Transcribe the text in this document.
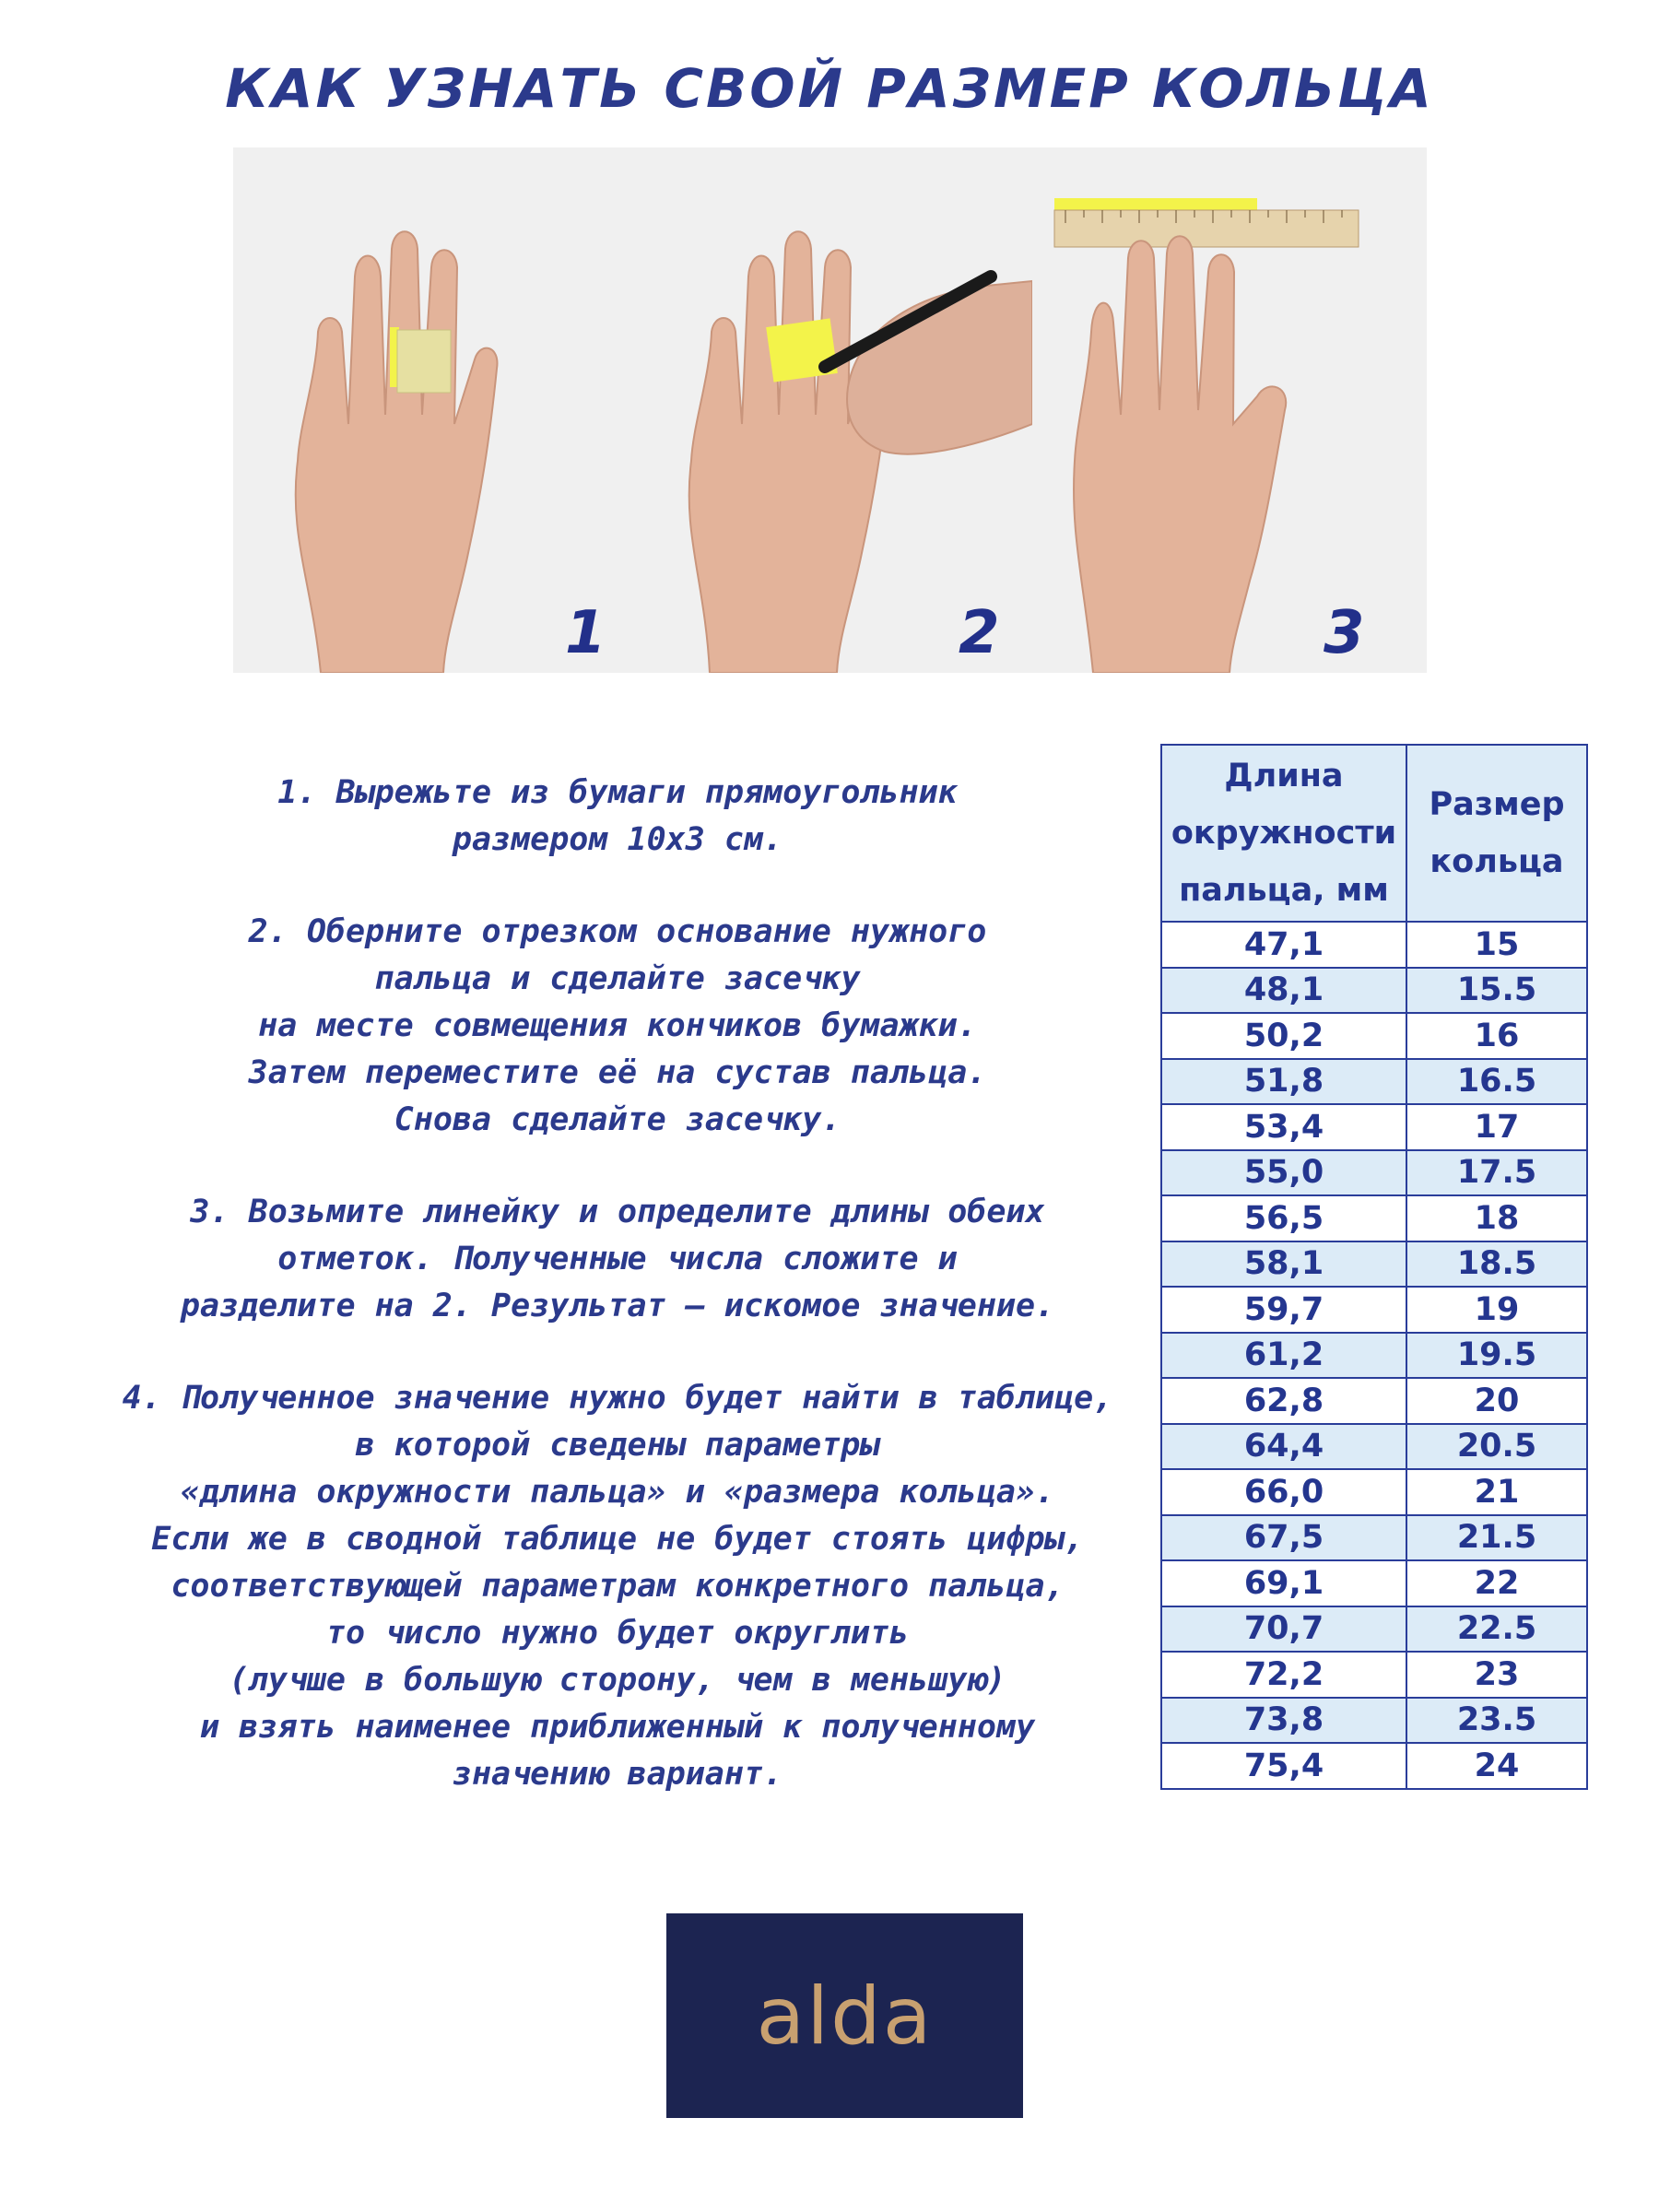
КАК УЗНАТЬ СВОЙ РАЗМЕР КОЛЬЦА
1	2	3

1. Вырежьте из бумаги прямоугольник

размером 10х3 см.

2. Оберните отрезком основание нужного

пальца и сделайте засечку

на месте совмещения кончиков бумажки.

Затем переместите её на сустав пальца.

Снова сделайте засечку.

3. Возьмите линейку и определите длины обеих

отметок. Полученные числа сложите и

разделите на 2. Результат – искомое значение.

4. Полученное значение нужно будет найти в таблице,

в которой сведены параметры

«длина окружности пальца» и «размера кольца».

Если же в сводной таблице не будет стоять цифры,

соответствующей параметрам конкретного пальца,

то число нужно будет округлить

(лучше в большую сторону, чем в меньшую)

и взять наименее приближенный к полученному

значению вариант.

Длина окружности пальца, мм	Размер кольца
47,1	15
48,1	15.5
50,2	16
51,8	16.5
53,4	17
55,0	17.5
56,5	18
58,1	18.5
59,7	19
61,2	19.5
62,8	20
64,4	20.5
66,0	21
67,5	21.5
69,1	22
70,7	22.5
72,2	23
73,8	23.5
75,4	24
alda
